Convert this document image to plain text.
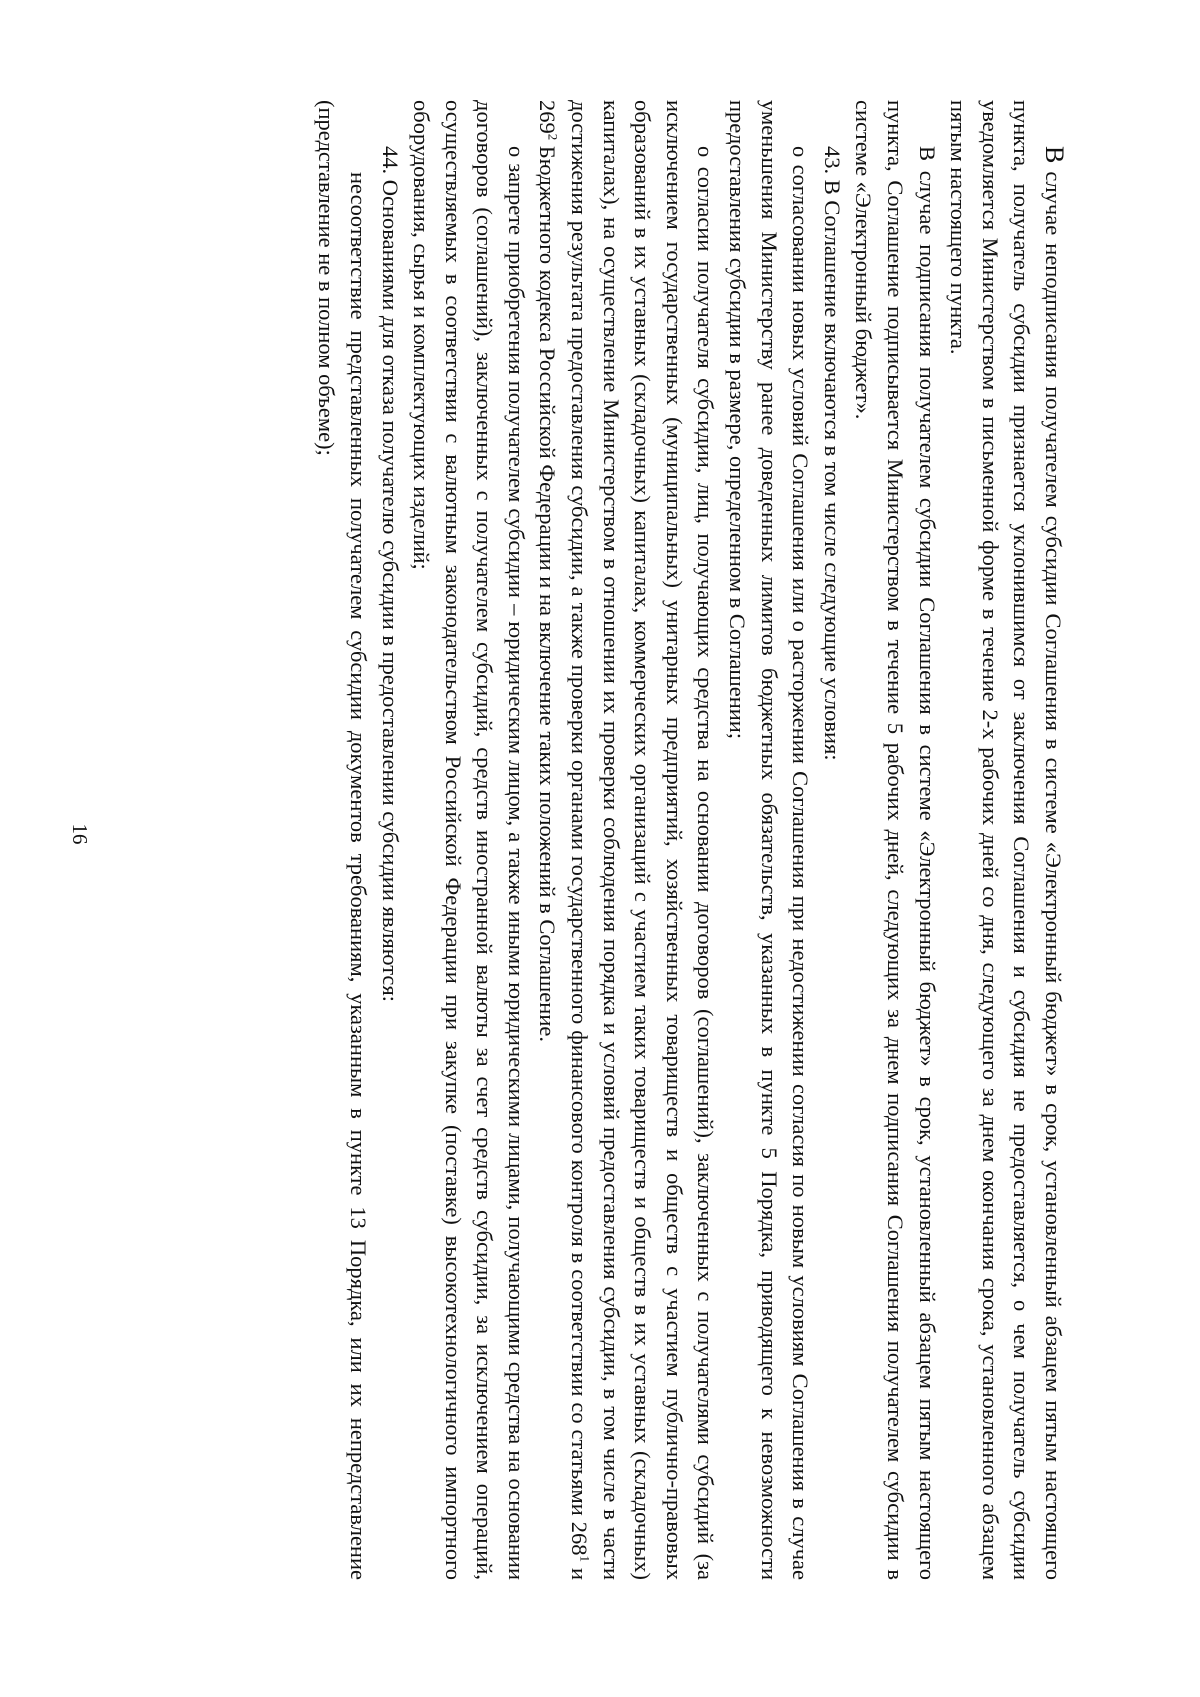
16

В случае неподписания получателем субсидии Соглашения в системе «Электронный бюджет» в срок, установленный абзацем пятым настоящего пункта, получатель субсидии признается уклонившимся от заключения Соглашения и субсидия не предоставляется, о чем получатель субсидии уведомляется Министерством в письменной форме в течение 2-х рабочих дней со дня, следующего за днем окончания срока, установленного абзацем пятым настоящего пункта.

В случае подписания получателем субсидии Соглашения в системе «Электронный бюджет» в срок, установленный абзацем пятым настоящего пункта, Соглашение подписывается Министерством в течение 5 рабочих дней, следующих за днем подписания Соглашения получателем субсидии в системе «Электронный бюджет».

43. В Соглашение включаются в том числе следующие условия:

о согласовании новых условий Соглашения или о расторжении Соглашения при недостижении согласия по новым условиям Соглашения в случае уменьшения Министерству ранее доведенных лимитов бюджетных обязательств, указанных в пункте 5 Порядка, приводящего к невозможности предоставления субсидии в размере, определенном в Соглашении;

о согласии получателя субсидии, лиц, получающих средства на основании договоров (соглашений), заключенных с получателями субсидий (за исключением государственных (муниципальных) унитарных предприятий, хозяйственных товариществ и обществ с участием публично-правовых образований в их уставных (складочных) капиталах, коммерческих организаций с участием таких товариществ и обществ в их уставных (складочных) капиталах), на осуществление Министерством в отношении их проверки соблюдения порядка и условий предоставления субсидии, в том числе в части достижения результата предоставления субсидии, а также проверки органами государственного финансового контроля в соответствии со статьями $268^1$ и $269^2$ Бюджетного кодекса Российской Федерации и на включение таких положений в Соглашение.

о запрете приобретения получателем субсидии – юридическим лицом, а также иными юридическими лицами, получающими средства на основании договоров (соглашений), заключенных с получателем субсидий, средств иностранной валюты за счет средств субсидии, за исключением операций, осуществляемых в соответствии с валютным законодательством Российской Федерации при закупке (поставке) высокотехнологичного импортного оборудования, сырья и комплектующих изделий;

44. Основаниями для отказа получателю субсидии в предоставлении субсидии являются:

несоответствие представленных получателем субсидии документов требованиям, указанным в пункте 13 Порядка, или их непредставление (представление не в полном объеме);
